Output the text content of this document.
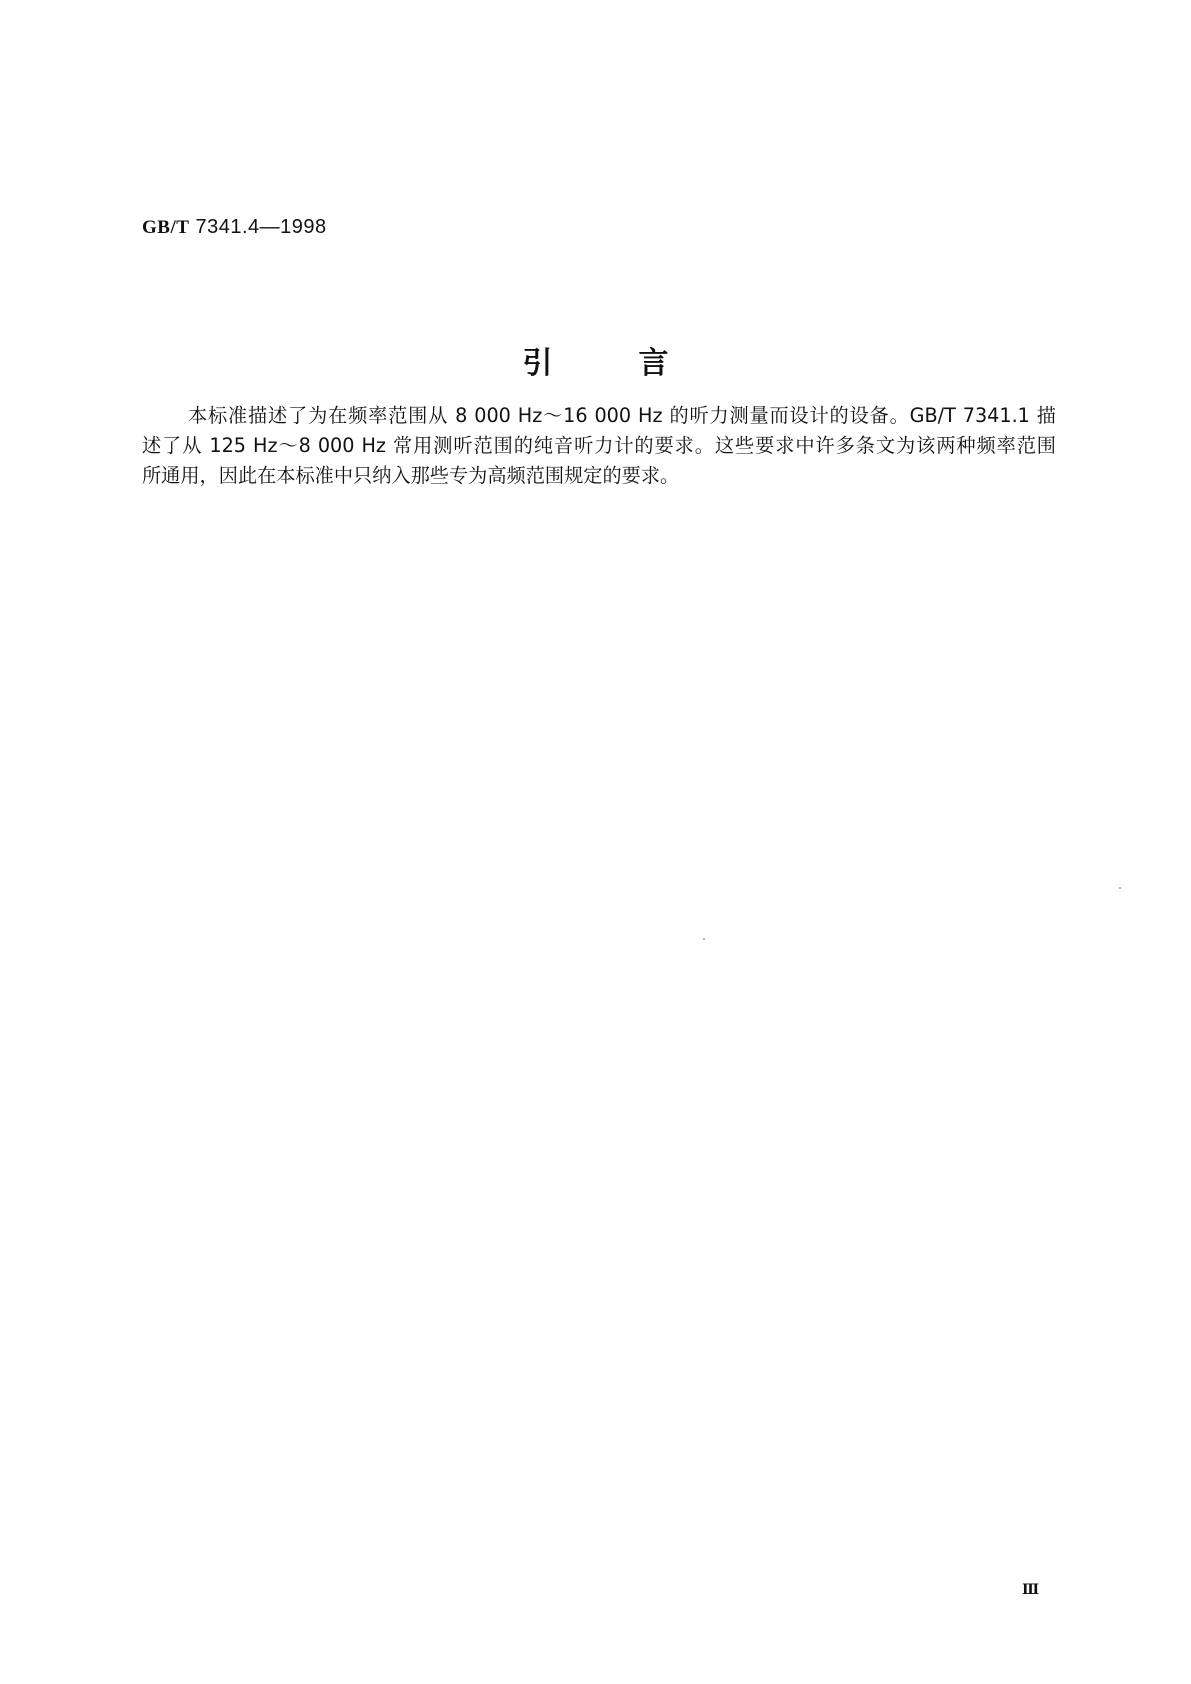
GB/T 7341.4—1998
引言
本标准描述了为在频率范围从 8 000 Hz～16 000 Hz 的听力测量而设计的设备。GB/T 7341.1 描
述了从 125 Hz～8 000 Hz 常用测听范围的纯音听力计的要求。这些要求中许多条文为该两种频率范围
所通用，因此在本标准中只纳入那些专为高频范围规定的要求。
Ⅲ
